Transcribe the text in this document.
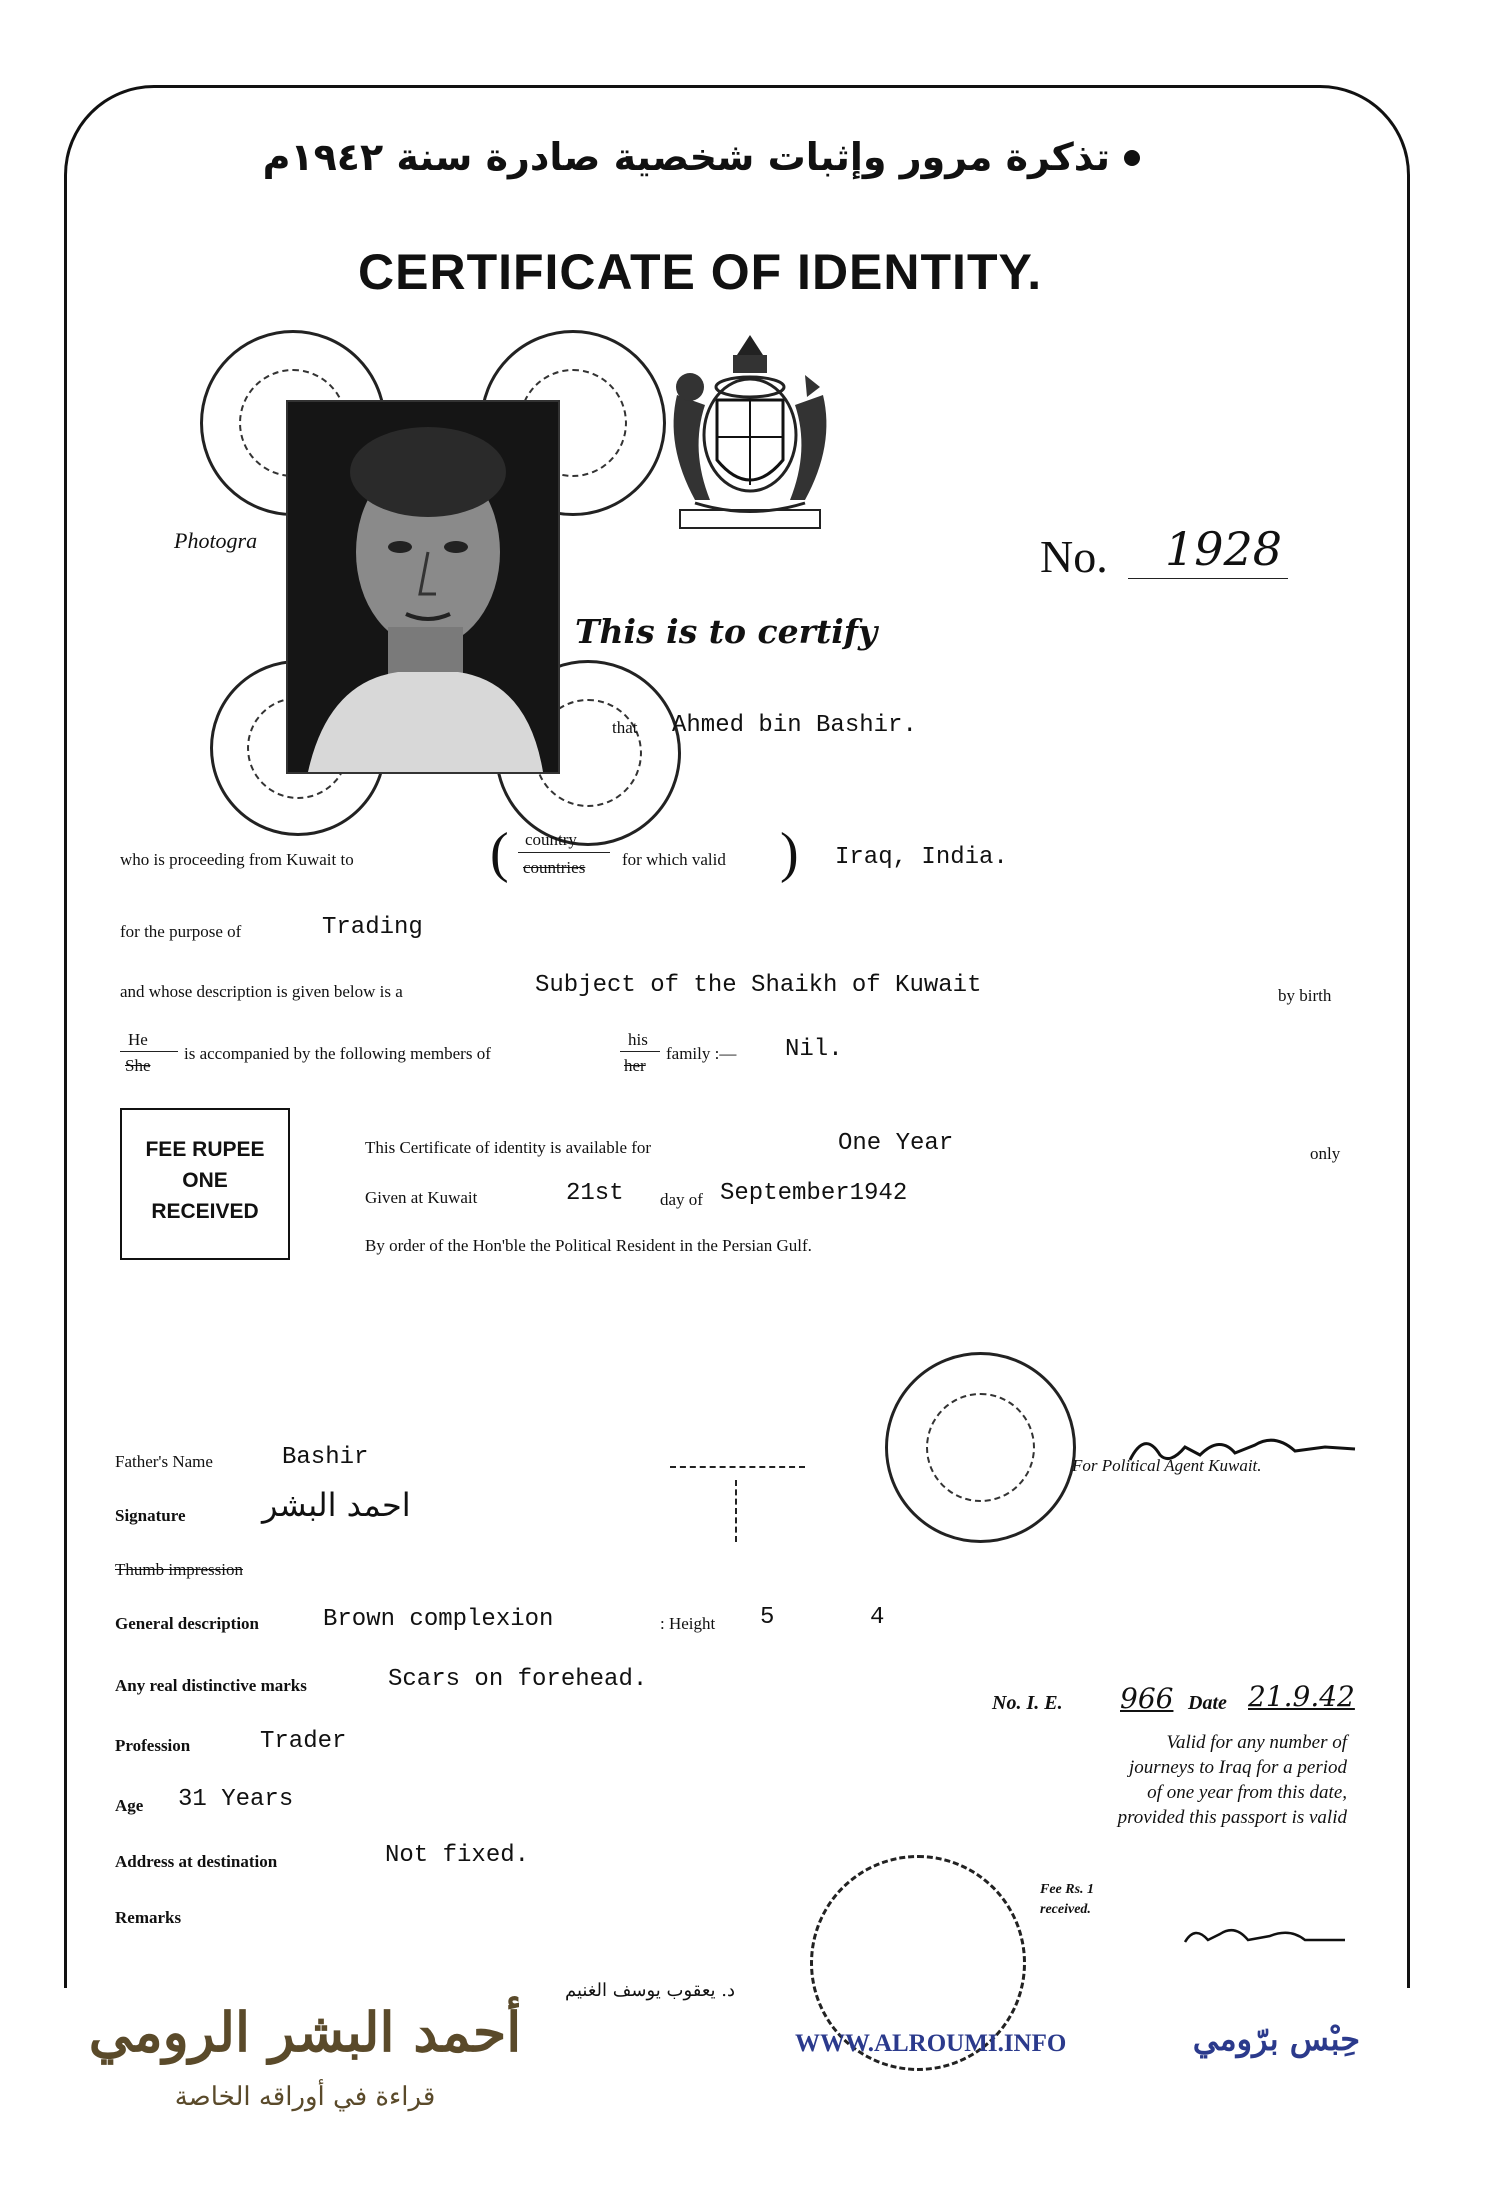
تذكرة مرور وإثبات شخصية صادرة سنة ١٩٤٢م
CERTIFICATE OF IDENTITY.
Photogra	No. 1928
This is to certify
that Ahmed bin Bashir.
who is proceeding from Kuwait to ( country
countries for which valid ) Iraq, India.
for the purpose of	Trading
and whose description is given below is a	Subject of the Shaikh of Kuwait	by birth
He
She
is accompanied by the following members of
his
her
family :— Nil.
FEE RUPEE
ONE
RECEIVED
This Certificate of identity is available for	One Year	only
Given at Kuwait	21st day of September1942
By order of the Hon'ble the Political Resident in the Persian Gulf.
For Political Agent Kuwait.
Father's Name	Bashir
Signature احمد البشر
Thumb impression
General description	Brown complexion	: Height 5	4
Any real distinctive marks	Scars on forehead.
Profession	Trader
Age 31 Years
Address at destination	Not fixed.
Remarks
No. I. E. 966 Date 21.9.42
Valid for any number of
journeys to Iraq for a period
of one year from this date,
provided this passport is valid
Fee Rs. 1
received.
د. يعقوب يوسف الغنيم
أحمد البشر الرومي
قراءة في أوراقه الخاصة
WWW.ALROUMI.INFO	حِبْس برّومي
